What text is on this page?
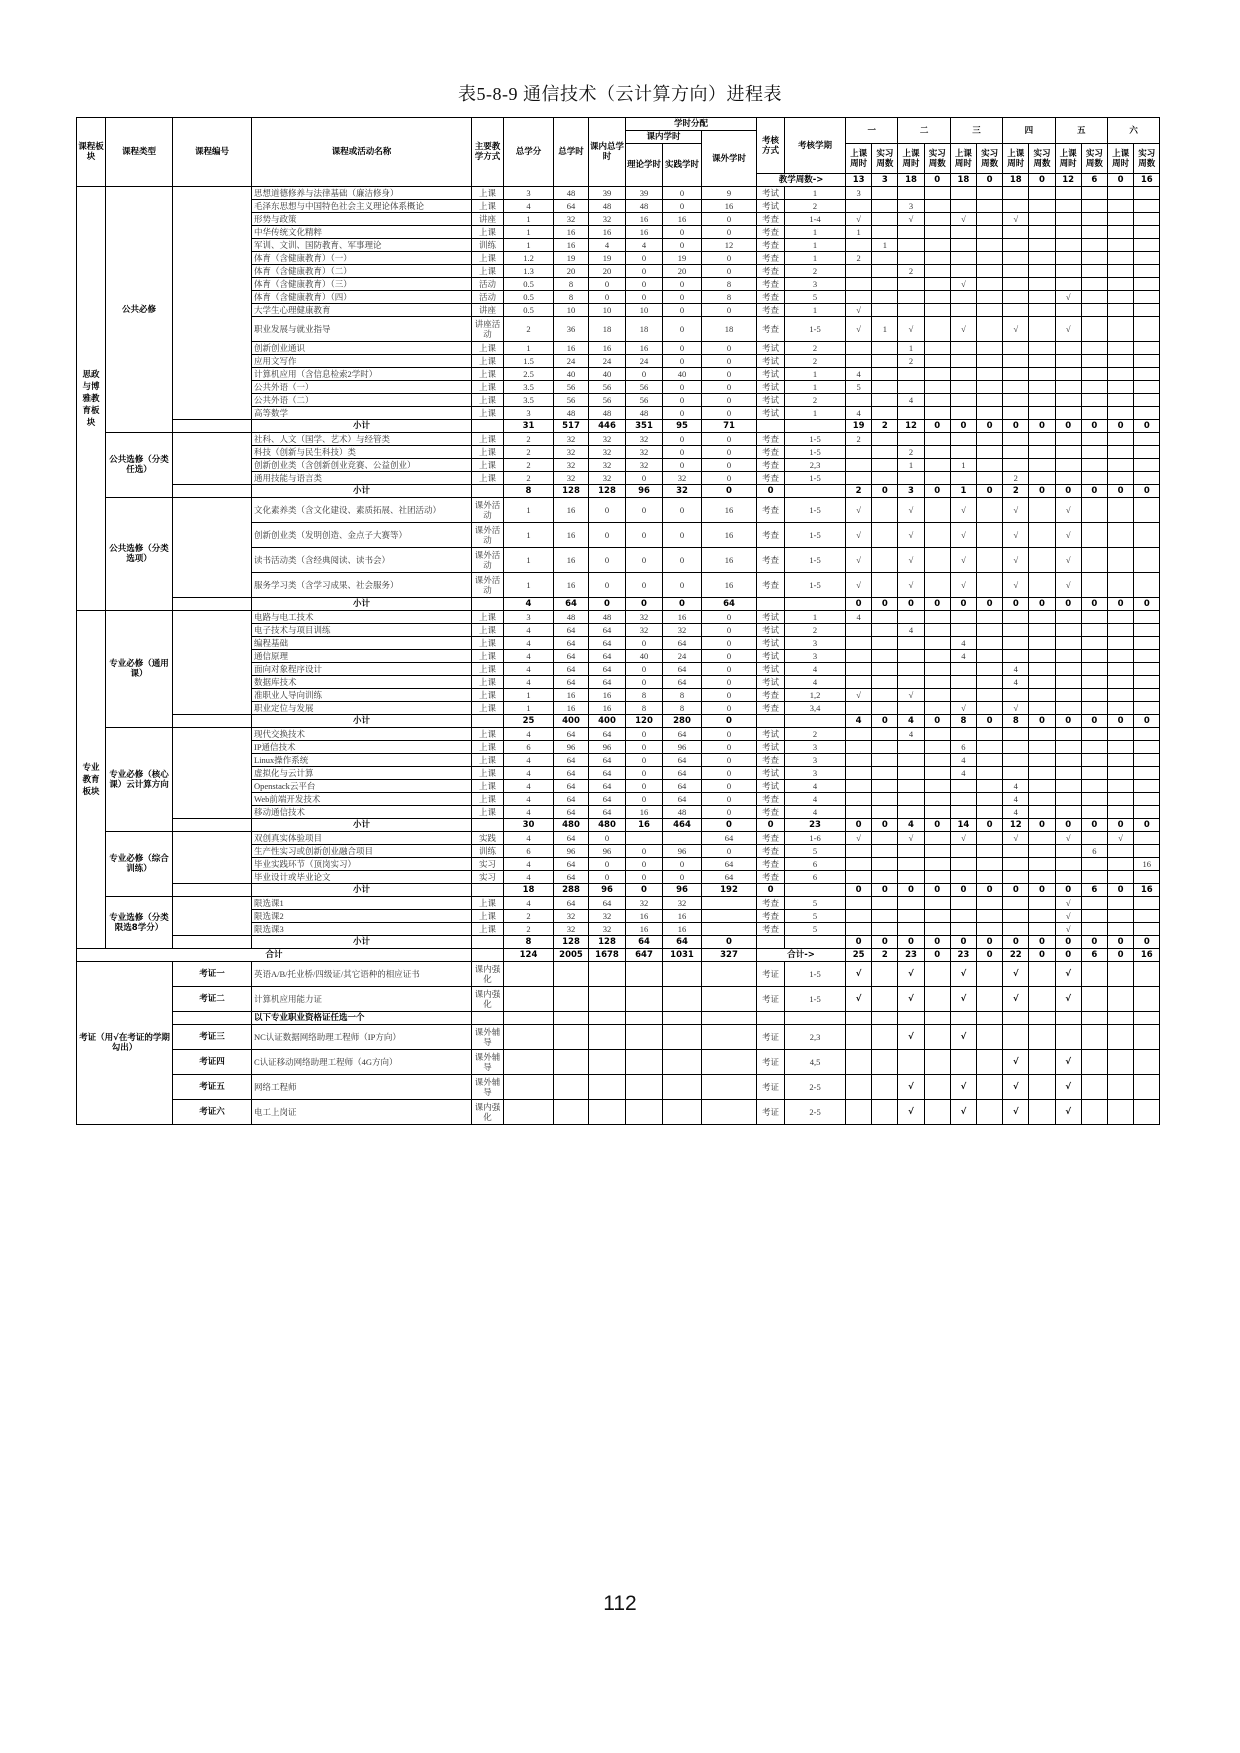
表5-8-9 通信技术（云计算方向）进程表
课程板块	课程类型	课程编号	课程或活动名称	主要教学方式	总学分	总学时	课内总学时	学时分配			考核方式	考核学期	一		二		三		四		五		六	
								课内学时		课外学时														
								理论学时	实践学时				上课周时	实习周数	上课周时	实习周数	上课周时	实习周数	上课周时	实习周数	上课周时	实习周数	上课周时	实习周数
											教学周数->		13	3	18	0	18	0	18	0	12	6	0	16
思政与博雅教育板块	公共必修		思想道德修养与法律基础（廉洁修身）	上课	3	48	39	39	0	9	考试	1	3											
			毛泽东思想与中国特色社会主义理论体系概论	上课	4	64	48	48	0	16	考试	2			3									
			形势与政策	讲座	1	32	32	16	16	0	考查	1-4	√		√		√		√					
			中华传统文化精粹	上课	1	16	16	16	0	0	考查	1	1											
			军训、文训、国防教育、军事理论	训练	1	16	4	4	0	12	考查	1		1										
			体育（含健康教育）（一）	上课	1.2	19	19	0	19	0	考查	1	2											
			体育（含健康教育）（二）	上课	1.3	20	20	0	20	0	考查	2			2									
			体育（含健康教育）（三）	活动	0.5	8	0	0	0	8	考查	3					√							
			体育（含健康教育）（四）	活动	0.5	8	0	0	0	8	考查	5									√			
			大学生心理健康教育	讲座	0.5	10	10	10	0	0	考查	1	√											
			职业发展与就业指导	讲座活动	2	36	18	18	0	18	考查	1-5	√	1	√		√		√		√			
			创新创业通识	上课	1	16	16	16	0	0	考试	2			1									
			应用文写作	上课	1.5	24	24	24	0	0	考试	2			2									
			计算机应用（含信息检索2学时）	上课	2.5	40	40	0	40	0	考试	1	4											
			公共外语（一）	上课	3.5	56	56	56	0	0	考试	1	5											
			公共外语（二）	上课	3.5	56	56	56	0	0	考试	2			4									
			高等数学	上课	3	48	48	48	0	0	考试	1	4											
			小计		31	517	446	351	95	71			19	2	12	0	0	0	0	0	0	0	0	0
	公共选修（分类任选）		社科、人文（国学、艺术）与经管类	上课	2	32	32	32	0	0	考查	1-5	2											
			科技（创新与民生科技）类	上课	2	32	32	32	0	0	考查	1-5			2									
			创新创业类（含创新创业竞赛、公益创业）	上课	2	32	32	32	0	0	考查	2,3			1		1							
			通用技能与语言类	上课	2	32	32	0	32	0	考查	1-5							2					
			小计		8	128	128	96	32	0	0		2	0	3	0	1	0	2	0	0	0	0	0
	公共选修（分类选项）		文化素养类（含文化建设、素质拓展、社团活动）	课外活动	1	16	0	0	0	16	考查	1-5	√		√		√		√		√			
			创新创业类（发明创造、金点子大赛等）	课外活动	1	16	0	0	0	16	考查	1-5	√		√		√		√		√			
			读书活动类（含经典阅读、读书会）	课外活动	1	16	0	0	0	16	考查	1-5	√		√		√		√		√			
			服务学习类（含学习成果、社会服务）	课外活动	1	16	0	0	0	16	考查	1-5	√		√		√		√		√			
			小计		4	64	0	0	0	64			0	0	0	0	0	0	0	0	0	0	0	0
专业教育板块	专业必修（通用课）		电路与电工技术	上课	3	48	48	32	16	0	考试	1	4											
			电子技术与项目训练	上课	4	64	64	32	32	0	考试	2			4									
			编程基础	上课	4	64	64	0	64	0	考试	3					4							
			通信原理	上课	4	64	64	40	24	0	考试	3					4							
			面向对象程序设计	上课	4	64	64	0	64	0	考试	4							4					
			数据库技术	上课	4	64	64	0	64	0	考试	4							4					
			准职业人导向训练	上课	1	16	16	8	8	0	考查	1,2	√		√									
			职业定位与发展	上课	1	16	16	8	8	0	考查	3,4					√		√					
			小计		25	400	400	120	280	0			4	0	4	0	8	0	8	0	0	0	0	0
	专业必修（核心课）云计算方向		现代交换技术	上课	4	64	64	0	64	0	考试	2			4									
			IP通信技术	上课	6	96	96	0	96	0	考试	3					6							
			Linux操作系统	上课	4	64	64	0	64	0	考查	3					4							
			虚拟化与云计算	上课	4	64	64	0	64	0	考试	3					4							
			Openstack云平台	上课	4	64	64	0	64	0	考试	4							4					
			Web前端开发技术	上课	4	64	64	0	64	0	考查	4							4					
			移动通信技术	上课	4	64	64	16	48	0	考查	4							4					
			小计		30	480	480	16	464	0	0	23	0	0	4	0	14	0	12	0	0	0	0	0
	专业必修（综合训练）		双创真实体验项目	实践	4	64	0			64	考查	1-6	√		√		√		√		√		√	
			生产性实习或创新创业融合项目	训练	6	96	96	0	96	0	考查	5										6		
			毕业实践环节（顶岗实习）	实习	4	64	0	0	0	64	考查	6												16
			毕业设计或毕业论文	实习	4	64	0	0	0	64	考查	6												
			小计		18	288	96	0	96	192	0		0	0	0	0	0	0	0	0	0	6	0	16
	专业选修（分类限选8学分）		限选课1	上课	4	64	64	32	32		考查	5									√			
			限选课2	上课	2	32	32	16	16		考查	5									√			
			限选课3	上课	2	32	32	16	16		考查	5									√			
			小计		8	128	128	64	64	0			0	0	0	0	0	0	0	0	0	0	0	0
合计					124	2005	1678	647	1031	327	合计->		25	2	23	0	23	0	22	0	0	6	0	16
考证（用√在考证的学期勾出）		考证一	英语A/B/托业桥/四级证/其它语种的相应证书	课内强化							考证	1-5	√		√		√		√		√			
		考证二	计算机应用能力证	课内强化							考证	1-5	√		√		√		√		√			
			以下专业职业资格证任选一个																					
		考证三	NC认证数据网络助理工程师（IP方向）	课外辅导							考证	2,3			√		√							
		考证四	C认证移动网络助理工程师（4G方向）	课外辅导							考证	4,5							√		√			
		考证五	网络工程师	课外辅导							考证	2-5			√		√		√		√			
		考证六	电工上岗证	课内强化							考证	2-5			√		√		√		√			
112
